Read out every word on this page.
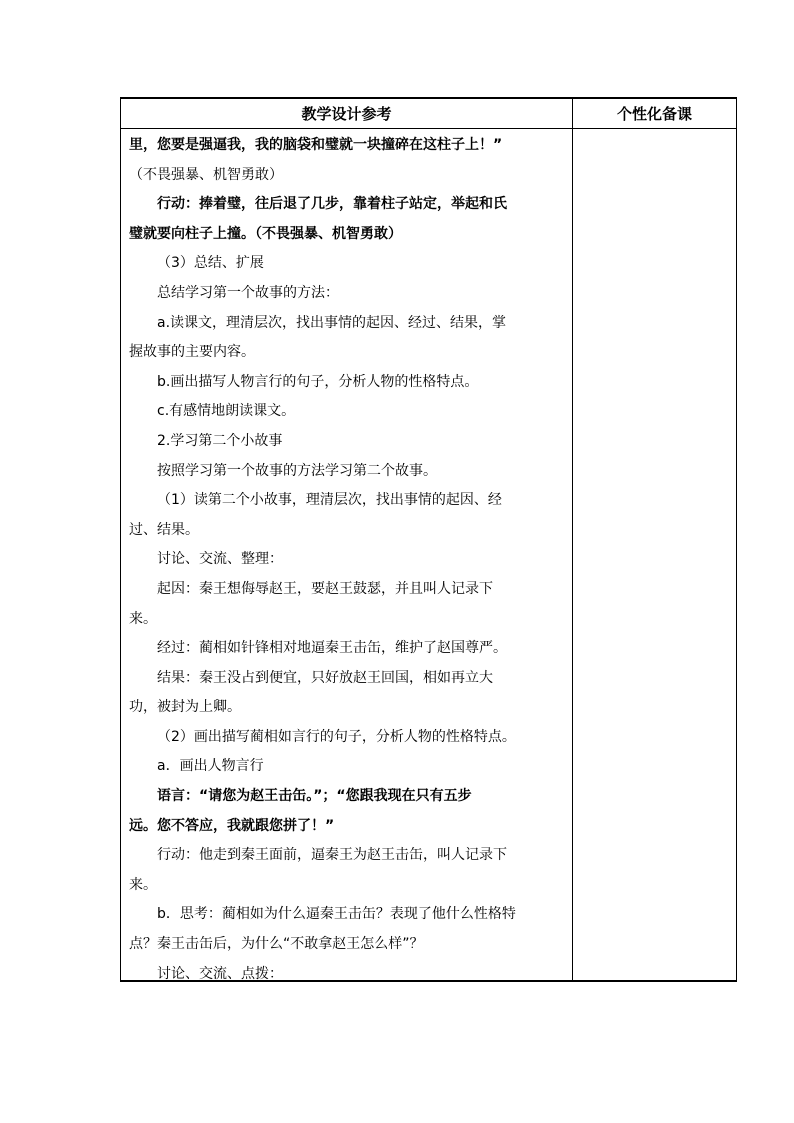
教学设计参考	个性化备课
里，您要是强逼我，我的脑袋和璧就一块撞碎在这柱子上！”
（不畏强暴、机智勇敢）
行动：捧着璧，往后退了几步，靠着柱子站定，举起和氏
璧就要向柱子上撞。（不畏强暴、机智勇敢）
（3）总结、扩展
总结学习第一个故事的方法：
a.读课文，理清层次，找出事情的起因、经过、结果，掌
握故事的主要内容。
b.画出描写人物言行的句子，分析人物的性格特点。
c.有感情地朗读课文。
2.学习第二个小故事
按照学习第一个故事的方法学习第二个故事。
（1）读第二个小故事，理清层次，找出事情的起因、经
过、结果。
讨论、交流、整理：
起因：秦王想侮辱赵王，要赵王鼓瑟，并且叫人记录下
来。
经过：蔺相如针锋相对地逼秦王击缶，维护了赵国尊严。
结果：秦王没占到便宜，只好放赵王回国，相如再立大
功，被封为上卿。
（2）画出描写蔺相如言行的句子，分析人物的性格特点。
a．画出人物言行
语言：“请您为赵王击缶。”；“您跟我现在只有五步
远。您不答应，我就跟您拼了！”
行动：他走到秦王面前，逼秦王为赵王击缶，叫人记录下
来。
b．思考：蔺相如为什么逼秦王击缶？表现了他什么性格特
点？秦王击缶后，为什么“不敢拿赵王怎么样”？
讨论、交流、点拨：
